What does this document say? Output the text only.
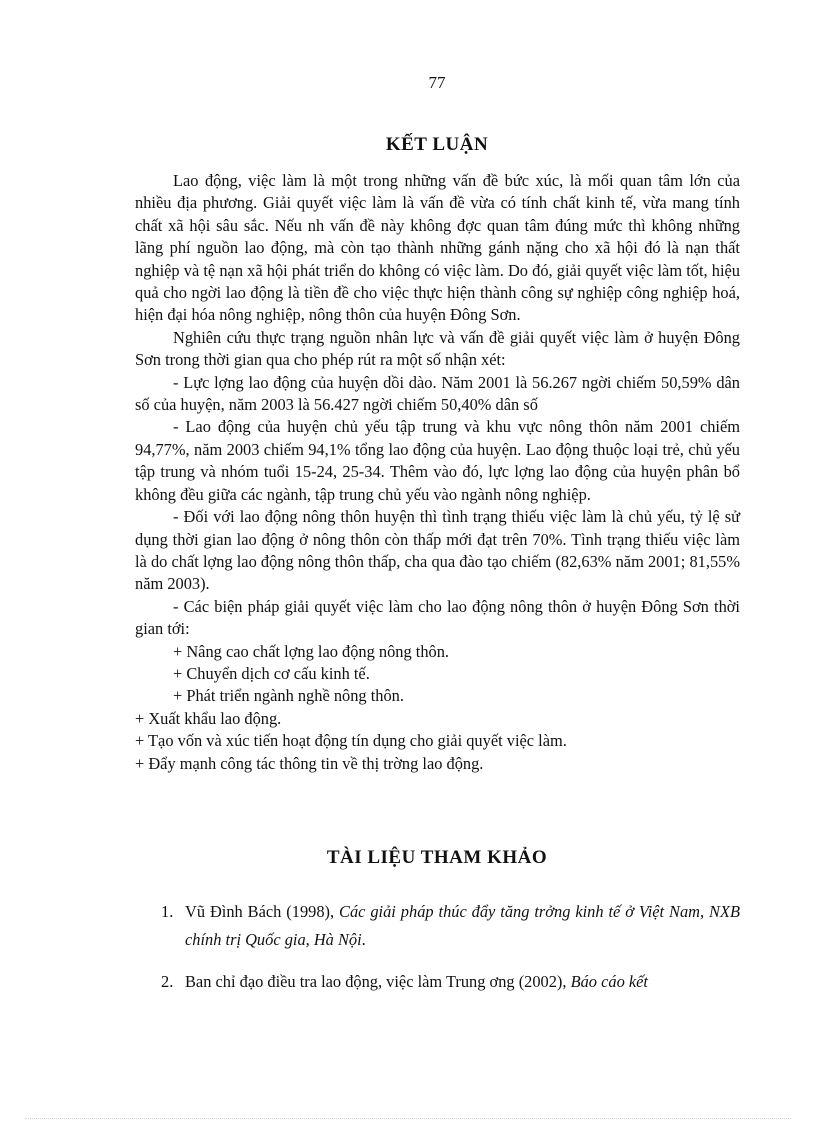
77
KẾT LUẬN

Lao động, việc làm là một trong những vấn đề bức xúc, là mối quan tâm lớn của nhiều địa phương. Giải quyết việc làm là vấn đề vừa có tính chất kinh tế, vừa mang tính chất xã hội sâu sắc. Nếu nh vấn đề này không đợc quan tâm đúng mức thì không những lãng phí nguồn lao động, mà còn tạo thành những gánh nặng cho xã hội đó là nạn thất nghiệp và tệ nạn xã hội phát triển do không có việc làm. Do đó, giải quyết việc làm tốt, hiệu quả cho ngời lao động là tiền đề cho việc thực hiện thành công sự nghiệp công nghiệp hoá, hiện đại hóa nông nghiệp, nông thôn của huyện Đông Sơn.

Nghiên cứu thực trạng nguồn nhân lực và vấn đề giải quyết việc làm ở huyện Đông Sơn trong thời gian qua cho phép rút ra một số nhận xét:

- Lực lợng lao động của huyện dồi dào. Năm 2001 là 56.267 ngời chiếm 50,59% dân số của huyện, năm 2003 là 56.427 ngời chiếm 50,40% dân số

- Lao động của huyện chủ yếu tập trung và khu vực nông thôn năm 2001 chiếm 94,77%, năm 2003 chiếm 94,1% tổng lao động của huyện. Lao động thuộc loại trẻ, chủ yếu tập trung và nhóm tuổi 15-24, 25-34. Thêm vào đó, lực lợng lao động của huyện phân bổ không đều giữa các ngành, tập trung chủ yếu vào ngành nông nghiệp.

- Đối với lao động nông thôn huyện thì tình trạng thiếu việc làm là chủ yếu, tỷ lệ sử dụng thời gian lao động ở nông thôn còn thấp mới đạt trên 70%. Tình trạng thiếu việc làm là do chất lợng lao động nông thôn thấp, cha qua đào tạo chiếm (82,63% năm 2001; 81,55% năm 2003).

- Các biện pháp giải quyết việc làm cho lao động nông thôn ở huyện Đông Sơn thời gian tới:

+ Nâng cao chất lợng lao động nông thôn.
+ Chuyển dịch cơ cấu kinh tế.
+ Phát triển ngành nghề nông thôn.
+ Xuất khẩu lao động.
+ Tạo vốn và xúc tiến hoạt động tín dụng cho giải quyết việc làm.
+ Đẩy mạnh công tác thông tin về thị trờng lao động.
TÀI LIỆU THAM KHẢO
1. Vũ Đình Bách (1998), Các giải pháp thúc đẩy tăng trởng kinh tế ở Việt Nam, NXB chính trị Quốc gia, Hà Nội.
2. Ban chỉ đạo điều tra lao động, việc làm Trung ơng (2002), Báo cáo kết
